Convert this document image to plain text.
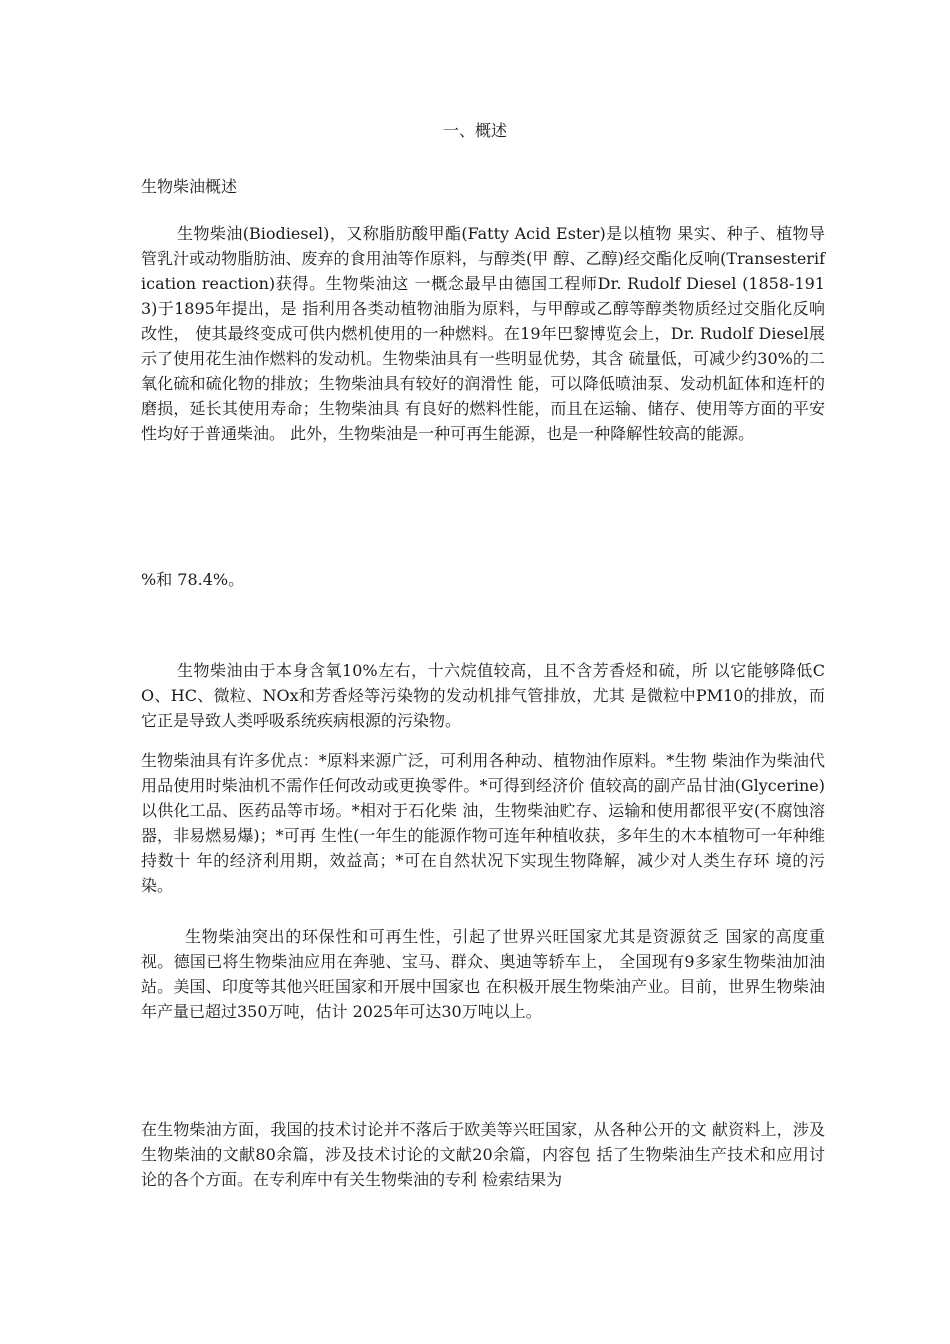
一、概述

生物柴油概述

生物柴油(Biodiesel)，又称脂肪酸甲酯(Fatty Acid Ester)是以植物 果实、种子、植物导管乳汁或动物脂肪油、废弃的食用油等作原料，与醇类(甲 醇、乙醇)经交酯化反响(Transesterification reaction)获得。生物柴油这 一概念最早由德国工程师Dr. Rudolf Diesel (1858-1913)于1895年提出，是 指利用各类动植物油脂为原料，与甲醇或乙醇等醇类物质经过交脂化反响改性， 使其最终变成可供内燃机使用的一种燃料。在19年巴黎博览会上，Dr. Rudolf Diesel展示了使用花生油作燃料的发动机。生物柴油具有一些明显优势，其含 硫量低，可减少约30%的二氧化硫和硫化物的排放；生物柴油具有较好的润滑性 能，可以降低喷油泵、发动机缸体和连杆的磨损，延长其使用寿命；生物柴油具 有良好的燃料性能，而且在运输、储存、使用等方面的平安性均好于普通柴油。 此外，生物柴油是一种可再生能源，也是一种降解性较高的能源。

%和 78.4%。

生物柴油由于本身含氧10%左右，十六烷值较高，且不含芳香烃和硫，所 以它能够降低CO、HC、微粒、NOx和芳香烃等污染物的发动机排气管排放，尤其 是微粒中PM10的排放，而它正是导致人类呼吸系统疾病根源的污染物。

生物柴油具有许多优点：*原料来源广泛，可利用各种动、植物油作原料。*生物 柴油作为柴油代用品使用时柴油机不需作任何改动或更换零件。*可得到经济价 值较高的副产品甘油(Glycerine)以供化工品、医药品等市场。*相对于石化柴 油，生物柴油贮存、运输和使用都很平安(不腐蚀溶器，非易燃易爆)；*可再 生性(一年生的能源作物可连年种植收获，多年生的木本植物可一年种维持数十 年的经济利用期，效益高；*可在自然状况下实现生物降解，减少对人类生存环 境的污染。

生物柴油突出的环保性和可再生性，引起了世界兴旺国家尤其是资源贫乏 国家的高度重视。德国已将生物柴油应用在奔驰、宝马、群众、奥迪等轿车上， 全国现有9多家生物柴油加油站。美国、印度等其他兴旺国家和开展中国家也 在积极开展生物柴油产业。目前，世界生物柴油年产量已超过350万吨，估计 2025年可达30万吨以上。

在生物柴油方面，我国的技术讨论并不落后于欧美等兴旺国家，从各种公开的文 献资料上，涉及生物柴油的文献80余篇，涉及技术讨论的文献20余篇，内容包 括了生物柴油生产技术和应用讨论的各个方面。在专利库中有关生物柴油的专利 检索结果为
